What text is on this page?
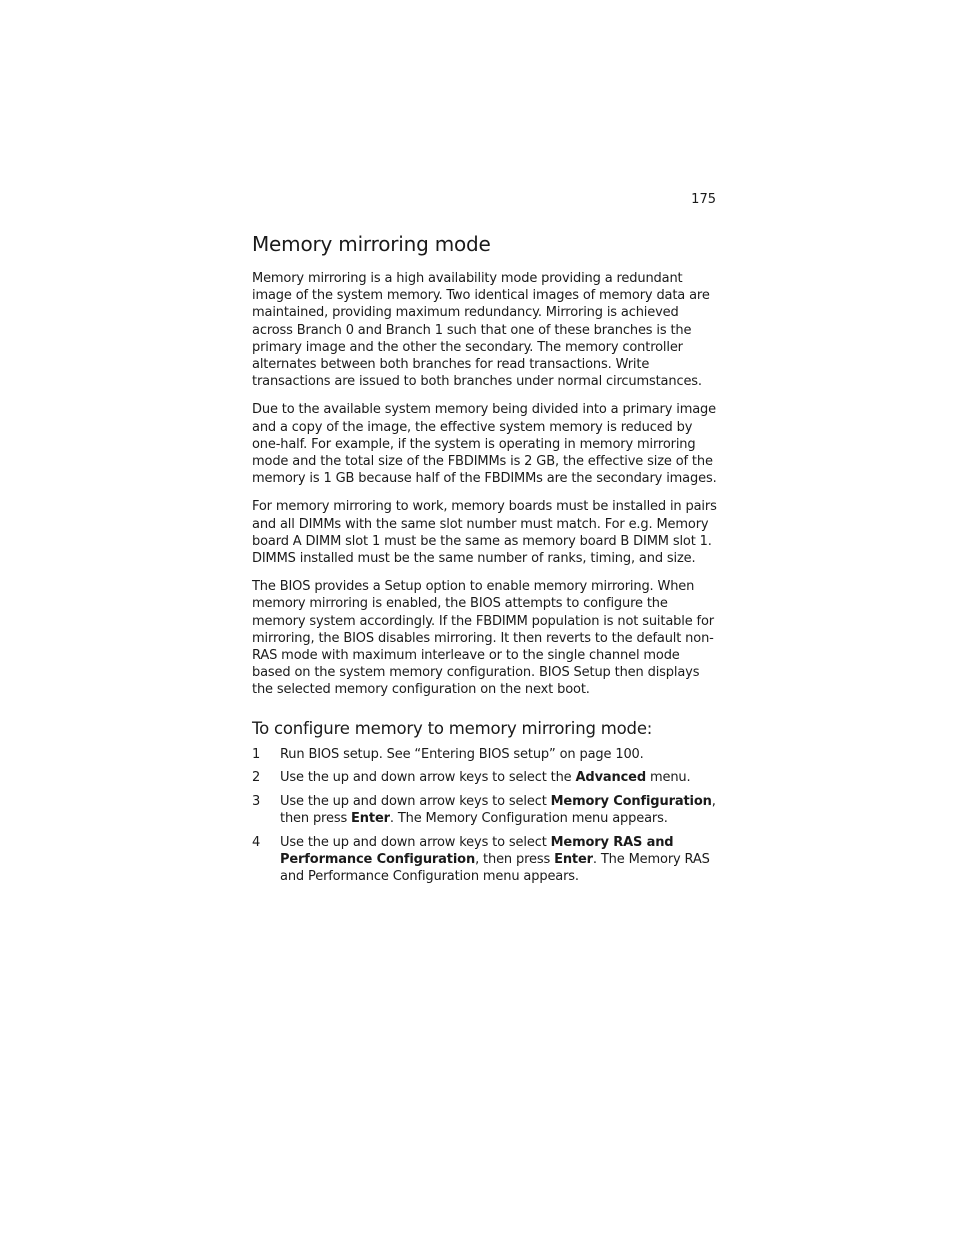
175
Memory mirroring mode

Memory mirroring is a high availability mode providing a redundant image of the system memory. Two identical images of memory data are maintained, providing maximum redundancy. Mirroring is achieved across Branch 0 and Branch 1 such that one of these branches is the primary image and the other the secondary. The memory controller alternates between both branches for read transactions. Write transactions are issued to both branches under normal circumstances.

Due to the available system memory being divided into a primary image and a copy of the image, the effective system memory is reduced by one-half. For example, if the system is operating in memory mirroring mode and the total size of the FBDIMMs is 2 GB, the effective size of the memory is 1 GB because half of the FBDIMMs are the secondary images.

For memory mirroring to work, memory boards must be installed in pairs and all DIMMs with the same slot number must match. For e.g. Memory board A DIMM slot 1 must be the same as memory board B DIMM slot 1. DIMMS installed must be the same number of ranks, timing, and size.

The BIOS provides a Setup option to enable memory mirroring. When memory mirroring is enabled, the BIOS attempts to configure the memory system accordingly. If the FBDIMM population is not suitable for mirroring, the BIOS disables mirroring. It then reverts to the default non-RAS mode with maximum interleave or to the single channel mode based on the system memory configuration. BIOS Setup then displays the selected memory configuration on the next boot.

To configure memory to memory mirroring mode:
1 Run BIOS setup. See “Entering BIOS setup” on page 100.
2 Use the up and down arrow keys to select the Advanced menu.
3 Use the up and down arrow keys to select Memory Configuration, then press Enter. The Memory Configuration menu appears.
4 Use the up and down arrow keys to select Memory RAS and Performance Configuration, then press Enter. The Memory RAS and Performance Configuration menu appears.
